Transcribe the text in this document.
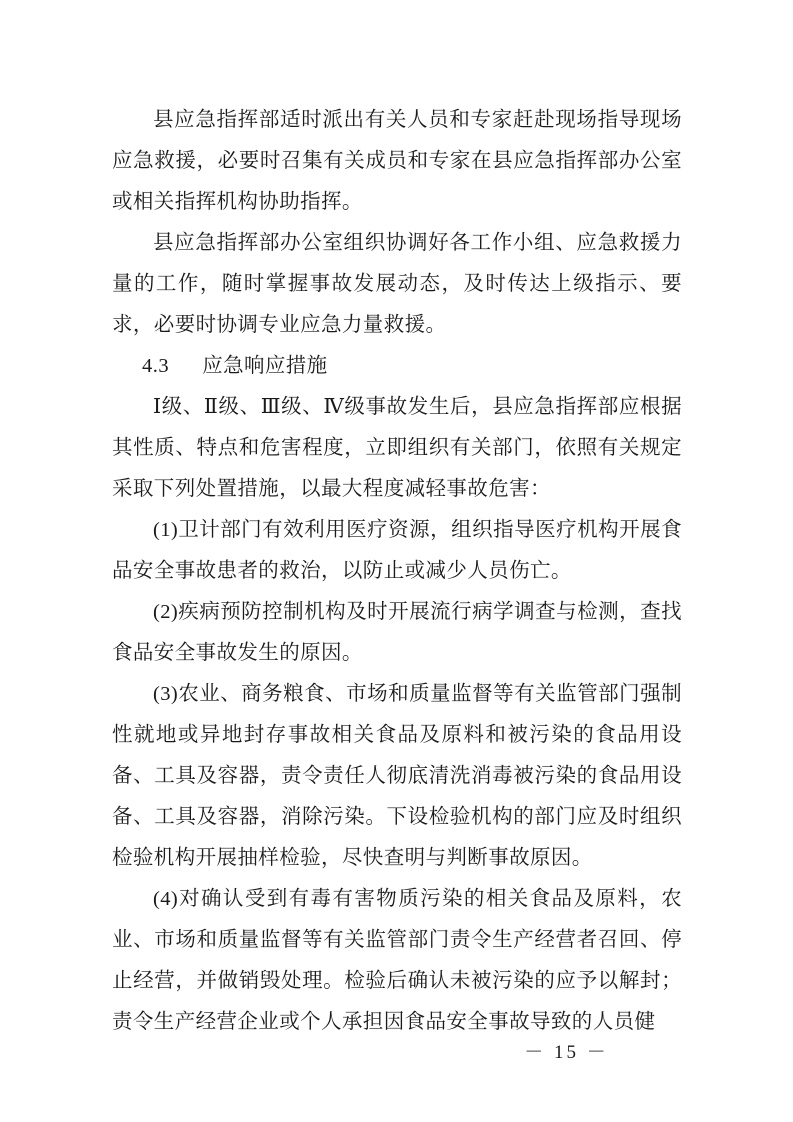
县应急指挥部适时派出有关人员和专家赶赴现场指导现场应急救援，必要时召集有关成员和专家在县应急指挥部办公室或相关指挥机构协助指挥。

县应急指挥部办公室组织协调好各工作小组、应急救援力量的工作，随时掌握事故发展动态，及时传达上级指示、要求，必要时协调专业应急力量救援。

4.3 应急响应措施

Ⅰ级、Ⅱ级、Ⅲ级、Ⅳ级事故发生后，县应急指挥部应根据其性质、特点和危害程度，立即组织有关部门，依照有关规定采取下列处置措施，以最大程度减轻事故危害：

(1)卫计部门有效利用医疗资源，组织指导医疗机构开展食品安全事故患者的救治，以防止或减少人员伤亡。

(2)疾病预防控制机构及时开展流行病学调查与检测，查找食品安全事故发生的原因。

(3)农业、商务粮食、市场和质量监督等有关监管部门强制性就地或异地封存事故相关食品及原料和被污染的食品用设备、工具及容器，责令责任人彻底清洗消毒被污染的食品用设备、工具及容器，消除污染。下设检验机构的部门应及时组织检验机构开展抽样检验，尽快查明与判断事故原因。

(4)对确认受到有毒有害物质污染的相关食品及原料，农业、市场和质量监督等有关监管部门责令生产经营者召回、停止经营，并做销毁处理。检验后确认未被污染的应予以解封；责令生产经营企业或个人承担因食品安全事故导致的人员健

－ 15 －
